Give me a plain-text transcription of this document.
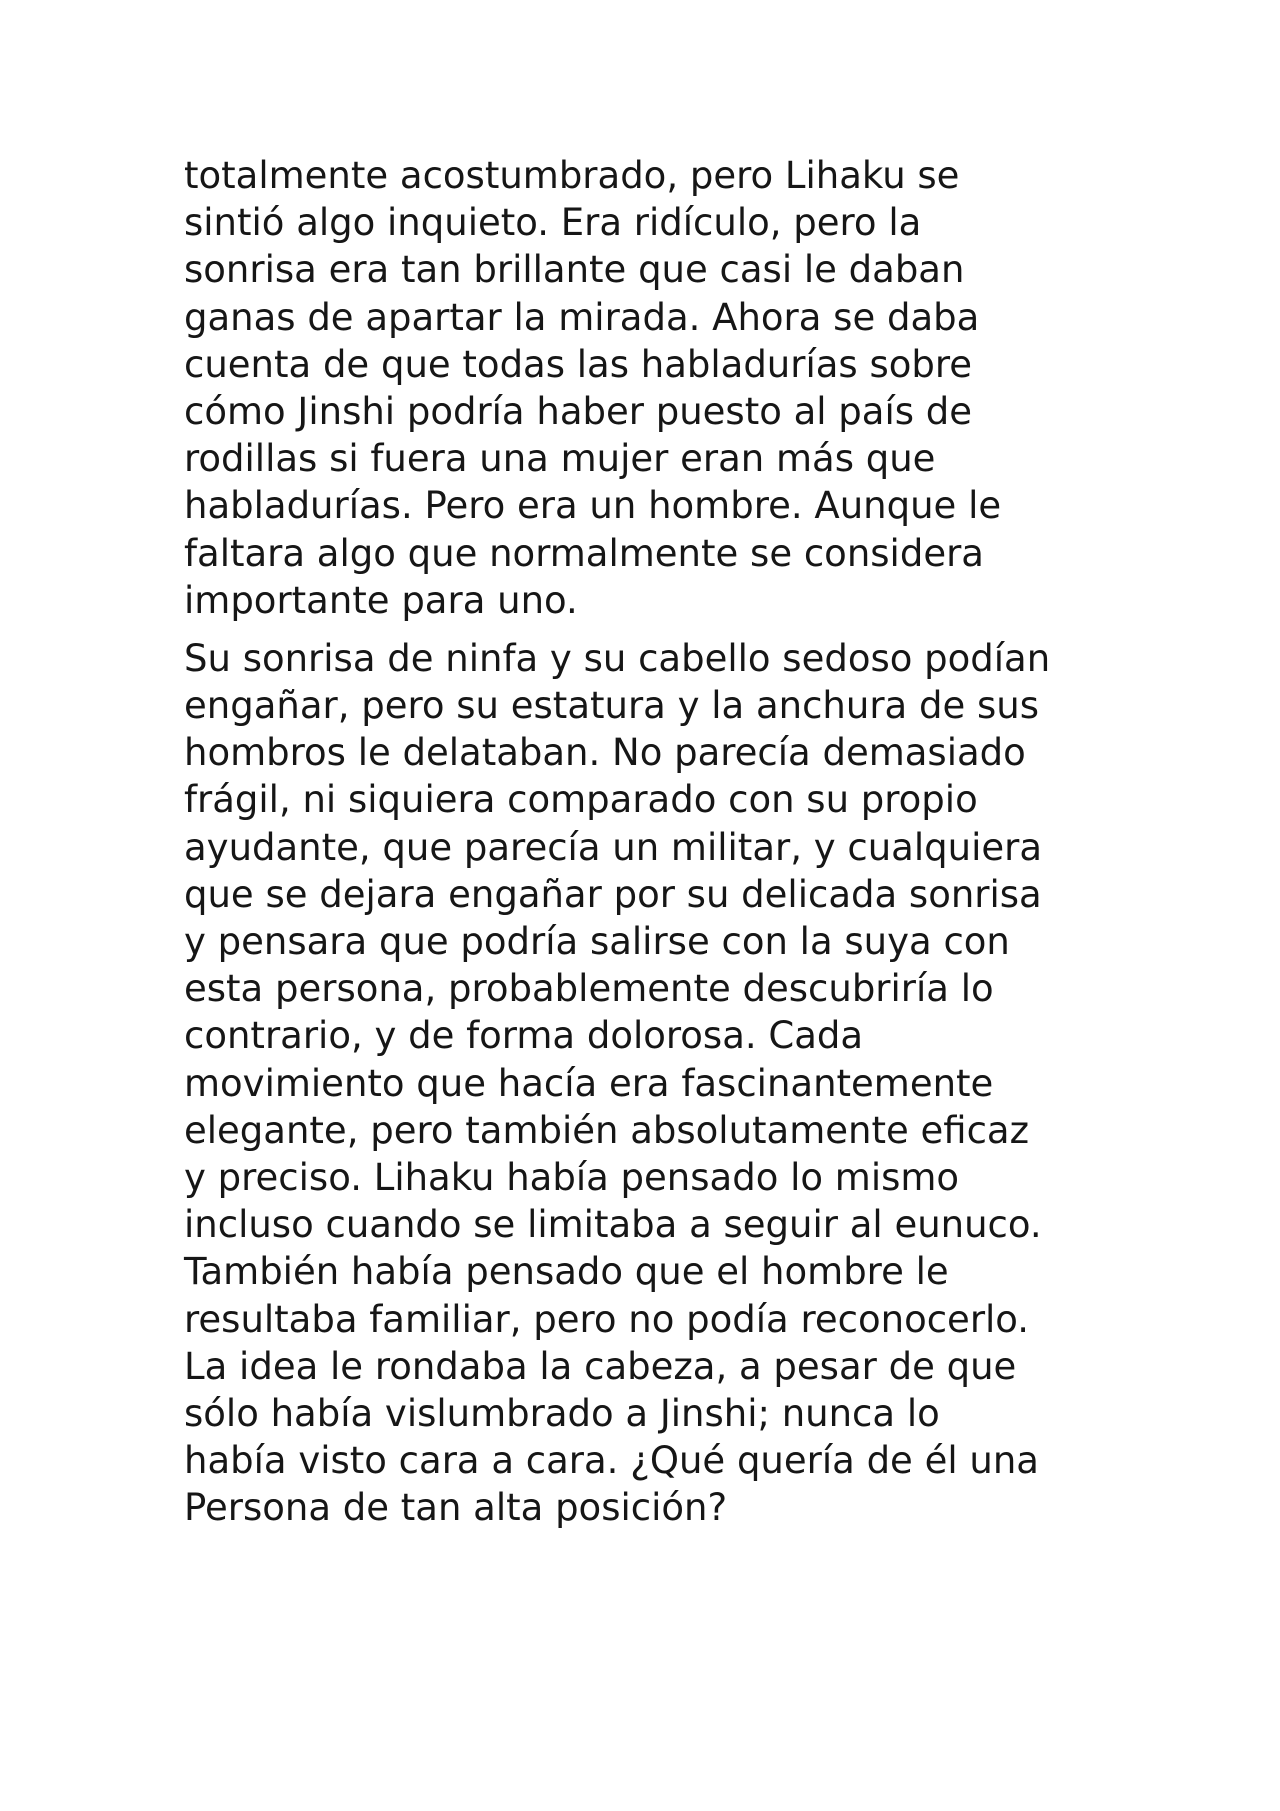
totalmente acostumbrado, pero Lihaku se
sintió algo inquieto. Era ridículo, pero la
sonrisa era tan brillante que casi le daban
ganas de apartar la mirada. Ahora se daba
cuenta de que todas las habladurías sobre
cómo Jinshi podría haber puesto al país de
rodillas si fuera una mujer eran más que
habladurías. Pero era un hombre. Aunque le
faltara algo que normalmente se considera
importante para uno.

Su sonrisa de ninfa y su cabello sedoso podían
engañar, pero su estatura y la anchura de sus
hombros le delataban. No parecía demasiado
frágil, ni siquiera comparado con su propio
ayudante, que parecía un militar, y cualquiera
que se dejara engañar por su delicada sonrisa
y pensara que podría salirse con la suya con
esta persona, probablemente descubriría lo
contrario, y de forma dolorosa. Cada
movimiento que hacía era fascinantemente
elegante, pero también absolutamente eficaz
y preciso. Lihaku había pensado lo mismo
incluso cuando se limitaba a seguir al eunuco.
También había pensado que el hombre le
resultaba familiar, pero no podía reconocerlo.
La idea le rondaba la cabeza, a pesar de que
sólo había vislumbrado a Jinshi; nunca lo
había visto cara a cara. ¿Qué quería de él una
Persona de tan alta posición?
